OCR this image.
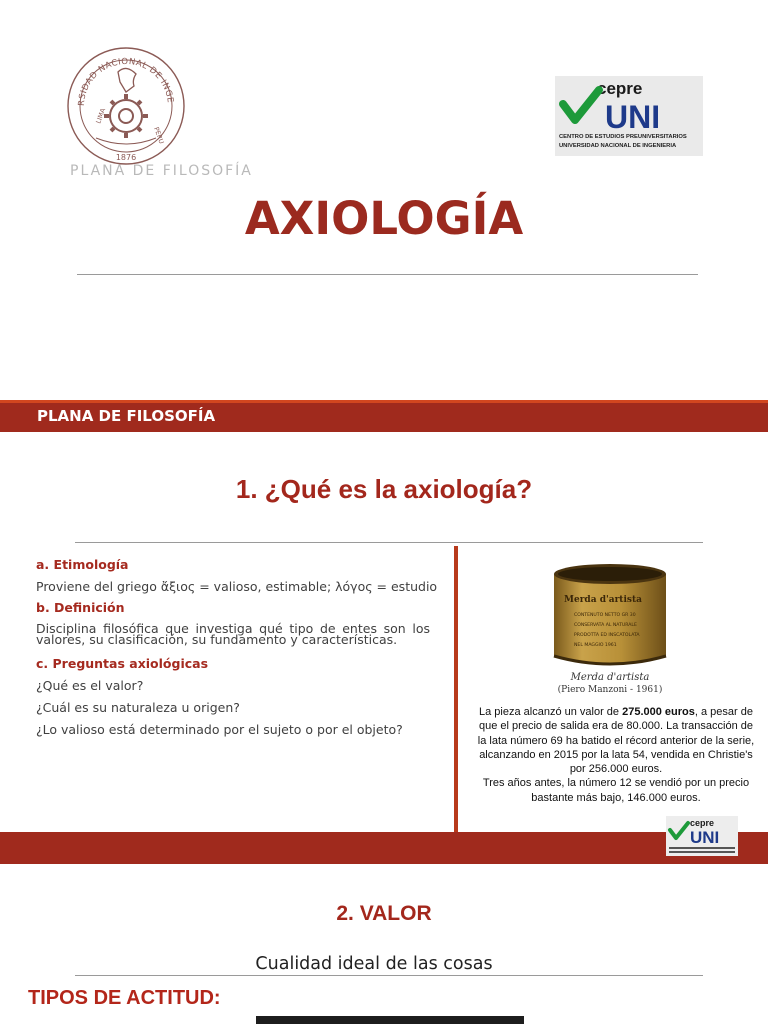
RSIDAD NACIONAL DE INGE
LIMA
PERU
1876
PLANA DE FILOSOFÍA
cepre
UNI
CENTRO DE ESTUDIOS PREUNIVERSITARIOS
UNIVERSIDAD NACIONAL DE INGENIERIA
AXIOLOGÍA
PLANA DE FILOSOFÍA
1. ¿Qué es la axiología?
a. Etimología
Proviene del griego ἄξιος = valioso, estimable; λόγος = estudio
b. Definición
Disciplina filosófica que investiga qué tipo de entes son los valores, su clasificación, su fundamento y características.
c. Preguntas axiológicas
¿Qué es el valor?
¿Cuál es su naturaleza u origen?
¿Lo valioso está determinado por el sujeto o por el objeto?
Merda d'artista
CONTENUTO NETTO GR 30
CONSERVATA AL NATURALE
PRODOTTA ED INSCATOLATA
NEL MAGGIO 1961
Merda d'artista
(Piero Manzoni - 1961)
La pieza alcanzó un valor de 275.000 euros, a pesar de que el precio de salida era de 80.000. La transacción de la lata número 69 ha batido el récord anterior de la serie, alcanzando en 2015 por la lata 54, vendida en Christie's por 256.000 euros.
Tres años antes, la número 12 se vendió por un precio bastante más bajo, 146.000 euros.
cepre
UNI
2. VALOR
Cualidad ideal de las cosas
TIPOS DE ACTITUD:
